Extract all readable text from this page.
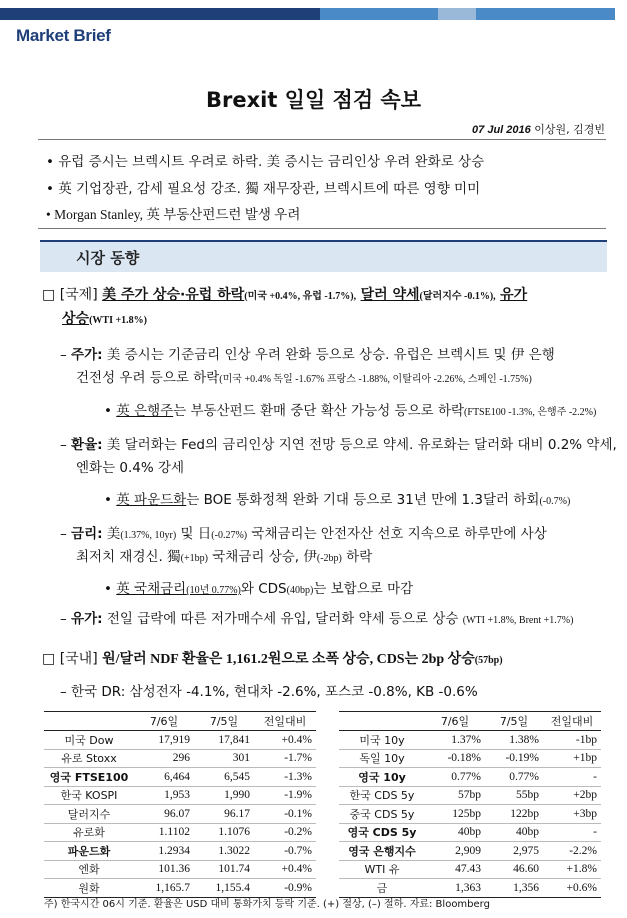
Market Brief
Brexit 일일 점검 속보
07 Jul 2016 이상원, 김경빈
• 유럽 증시는 브렉시트 우려로 하락. 美 증시는 금리인상 우려 완화로 상승
• 英 기업장관, 감세 필요성 강조. 獨 재무장관, 브렉시트에 따른 영향 미미
• Morgan Stanley, 英 부동산펀드런 발생 우려
시장 동향
□ [국제] 美 주가 상승·유럽 하락(미국 +0.4%, 유럽 -1.7%), 달러 약세(달러지수 -0.1%), 유가
상승(WTI +1.8%)
– 주가: 美 증시는 기준금리 인상 우려 완화 등으로 상승. 유럽은 브렉시트 및 伊 은행
건전성 우려 등으로 하락(미국 +0.4% 독일 -1.67% 프랑스 -1.88%, 이탈리아 -2.26%, 스페인 -1.75%)
• 英 은행주는 부동산펀드 환매 중단 확산 가능성 등으로 하락(FTSE100 -1.3%, 은행주 -2.2%)
– 환율: 美 달러화는 Fed의 금리인상 지연 전망 등으로 약세. 유로화는 달러화 대비 0.2% 약세,
엔화는 0.4% 강세
• 英 파운드화는 BOE 통화정책 완화 기대 등으로 31년 만에 1.3달러 하회(-0.7%)
– 금리: 美(1.37%, 10yr) 및 日(-0.27%) 국채금리는 안전자산 선호 지속으로 하루만에 사상
최저치 재경신. 獨(+1bp) 국채금리 상승, 伊(-2bp) 하락
• 英 국채금리(10년 0.77%)와 CDS(40bp)는 보합으로 마감
– 유가: 전일 급락에 따른 저가매수세 유입, 달러화 약세 등으로 상승 (WTI +1.8%, Brent +1.7%)
□ [국내] 원/달러 NDF 환율은 1,161.2원으로 소폭 상승, CDS는 2bp 상승(57bp)
– 한국 DR: 삼성전자 -4.1%, 현대차 -2.6%, 포스코 -0.8%, KB -0.6%
	7/6일	7/5일	전일대비
미국 Dow	17,919	17,841	+0.4%
유로 Stoxx	296	301	-1.7%
영국 FTSE100	6,464	6,545	-1.3%
한국 KOSPI	1,953	1,990	-1.9%
달러지수	96.07	96.17	-0.1%
유로화	1.1102	1.1076	-0.2%
파운드화	1.2934	1.3022	-0.7%
엔화	101.36	101.74	+0.4%
원화	1,165.7	1,155.4	-0.9%
	7/6일	7/5일	전일대비
미국 10y	1.37%	1.38%	-1bp
독일 10y	-0.18%	-0.19%	+1bp
영국 10y	0.77%	0.77%	-
한국 CDS 5y	57bp	55bp	+2bp
중국 CDS 5y	125bp	122bp	+3bp
영국 CDS 5y	40bp	40bp	-
영국 은행지수	2,909	2,975	-2.2%
WTI 유	47.43	46.60	+1.8%
금	1,363	1,356	+0.6%
주) 한국시간 06시 기준. 환율은 USD 대비 통화가치 등락 기준. (+) 절상, (–) 절하. 자료: Bloomberg
